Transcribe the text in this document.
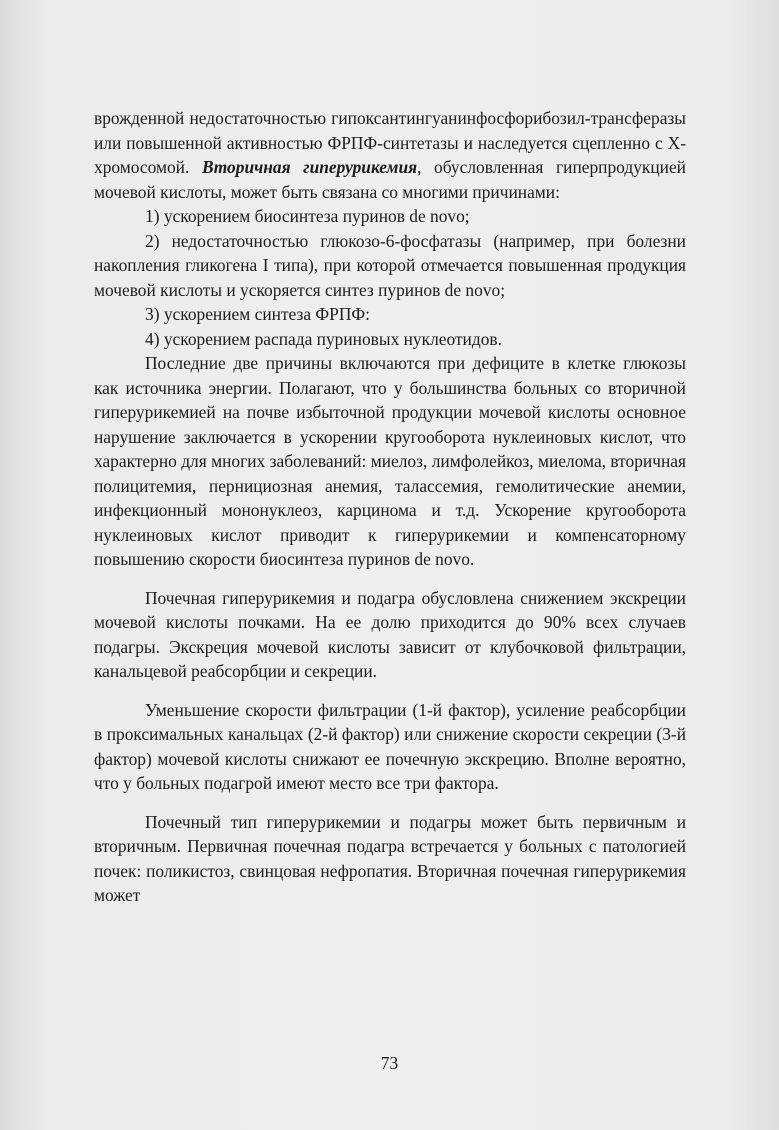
врожденной недостаточностью гипоксантингуанинфосфорибозил-трансферазы или повышенной активностью ФРПФ-синтетазы и наследуется сцепленно с Х-хромосомой. Вторичная гиперурикемия, обусловленная гиперпродукцией мочевой кислоты, может быть связана со многими причинами:

1) ускорением биосинтеза пуринов de novo;

2) недостаточностью глюкозо-6-фосфатазы (например, при болезни накопления гликогена I типа), при которой отмечается повышенная продукция мочевой кислоты и ускоряется синтез пуринов de novo;

3) ускорением синтеза ФРПФ:

4) ускорением распада пуриновых нуклеотидов.

Последние две причины включаются при дефиците в клетке глюкозы как источника энергии. Полагают, что у большинства больных со вторичной гиперурикемией на почве избыточной продукции мочевой кислоты основное нарушение заключается в ускорении кругооборота нуклеиновых кислот, что характерно для многих заболеваний: миелоз, лимфолейкоз, миелома, вторичная полицитемия, пернициозная анемия, талассемия, гемолитические анемии, инфекционный мононуклеоз, карцинома и т.д. Ускорение кругооборота нуклеиновых кислот приводит к гиперурикемии и компенсаторному повышению скорости биосинтеза пуринов de novo.

Почечная гиперурикемия и подагра обусловлена снижением экскреции мочевой кислоты почками. На ее долю приходится до 90% всех случаев подагры. Экскреция мочевой кислоты зависит от клубочковой фильтрации, канальцевой реабсорбции и секреции.

Уменьшение скорости фильтрации (1-й фактор), усиление реабсорбции в проксимальных канальцах (2-й фактор) или снижение скорости секреции (3-й фактор) мочевой кислоты снижают ее почечную экскрецию. Вполне вероятно, что у больных подагрой имеют место все три фактора.

Почечный тип гиперурикемии и подагры может быть первичным и вторичным. Первичная почечная подагра встречается у больных с патологией почек: поликистоз, свинцовая нефропатия. Вторичная почечная гиперурикемия может

73
